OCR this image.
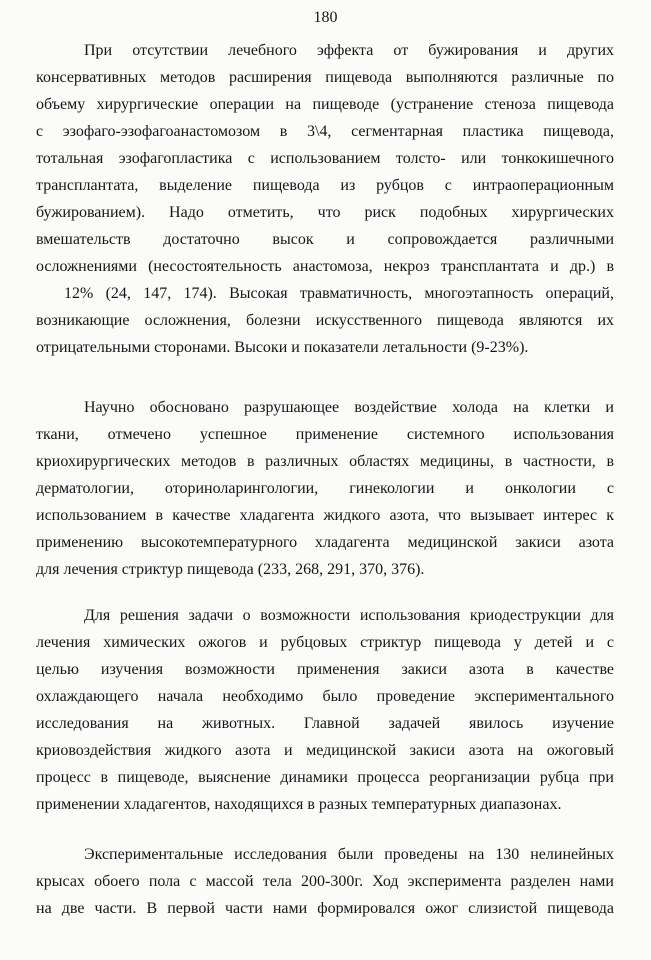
180
При отсутствии лечебного эффекта от бужирования и других
консервативных методов расширения пищевода выполняются различные по
объему хирургические операции на пищеводе (устранение стеноза пищевода
с эзофаго-эзофагоанастомозом в 3\4, сегментарная пластика пищевода,
тотальная эзофагопластика с использованием толсто- или тонкокишечного
трансплантата, выделение пищевода из рубцов с интраоперационным
бужированием). Надо отметить, что риск подобных хирургических
вмешательств достаточно высок и сопровождается различными
осложнениями (несостоятельность анастомоза, некроз трансплантата и др.) в
12% (24, 147, 174). Высокая травматичность, многоэтапность операций,
возникающие осложнения, болезни искусственного пищевода являются их
отрицательными сторонами. Высоки и показатели летальности (9-23%).
Научно обосновано разрушающее воздействие холода на клетки и
ткани, отмечено успешное применение системного использования
криохирургических методов в различных областях медицины, в частности, в
дерматологии, оториноларингологии, гинекологии и онкологии с
использованием в качестве хладагента жидкого азота, что вызывает интерес к
применению высокотемпературного хладагента медицинской закиси азота
для лечения стриктур пищевода (233, 268, 291, 370, 376).
Для решения задачи о возможности использования криодеструкции для
лечения химических ожогов и рубцовых стриктур пищевода у детей и с
целью изучения возможности применения закиси азота в качестве
охлаждающего начала необходимо было проведение экспериментального
исследования на животных. Главной задачей явилось изучение
криовоздействия жидкого азота и медицинской закиси азота на ожоговый
процесс в пищеводе, выяснение динамики процесса реорганизации рубца при
применении хладагентов, находящихся в разных температурных диапазонах.
Экспериментальные исследования были проведены на 130 нелинейных
крысах обоего пола с массой тела 200-300г. Ход эксперимента разделен нами
на две части. В первой части нами формировался ожог слизистой пищевода
